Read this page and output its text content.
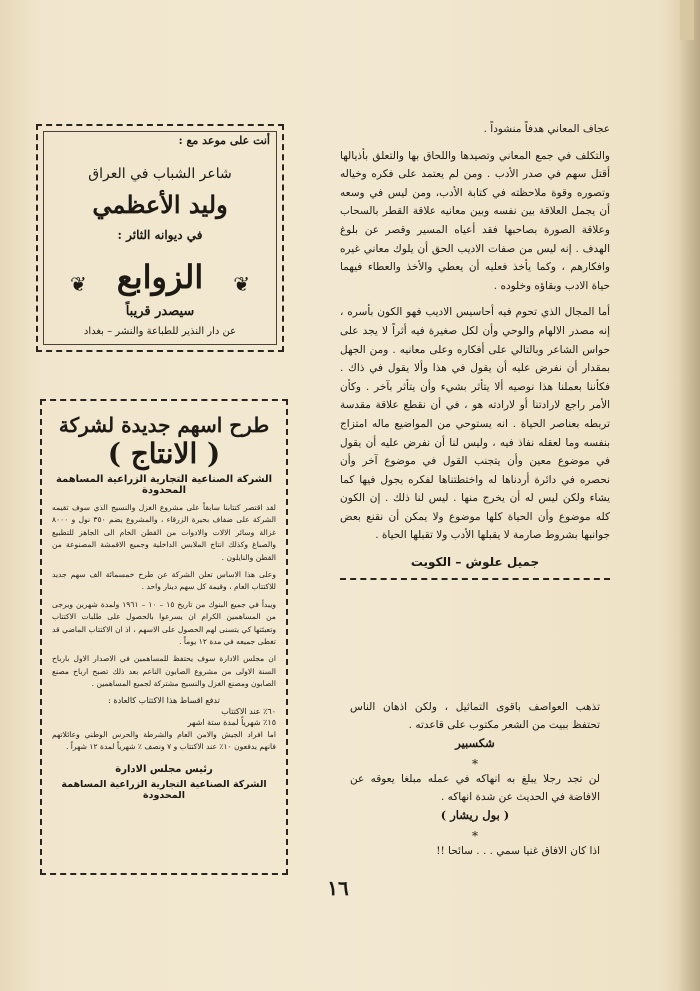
عجاف المعاني هدفاً منشوداً .

والتكلف في جمع المعاني وتصيدها واللحاق بها والتعلق بأذيالها أقتل سهم في صدر الأدب . ومن لم يعتمد على فكره وخياله وتصوره وقوة ملاحظته في كتابة الأدب، ومن ليس في وسعه أن يجمل العلاقة بين نفسه وبين معانيه علاقة القطر بالسحاب وعلاقة الصورة بصاحبها فقد أعياه المسير وقصر عن بلوغ الهدف . إنه ليس من صفات الاديب الحق أن يلوك معاني غيره وافكارهم ، وكما يأخذ فعليه أن يعطي والأخذ والعطاء فيهما حياة الادب وبقاؤه وخلوده .

أما المجال الذي تحوم فيه أحاسيس الاديب فهو الكون بأسره ، إنه مصدر الالهام والوحي وأن لكل صغيرة فيه أثراً لا يجد على حواس الشاعر وبالتالي على أفكاره وعلى معانيه . ومن الجهل بمقدار أن نفرض عليه أن يقول في هذا وألا يقول في ذاك . فكأننا بعملنا هذا نوصيه ألا يتأثر بشيء وأن يتأثر بآخر . وكأن الأمر راجع لارادتنا أو لارادته هو ، في أن نقطع علاقة مقدسة تربطه بعناصر الحياة . انه يستوحي من المواضيع ماله امتزاج بنفسه وما لعقله نفاذ فيه ، وليس لنا أن نفرض عليه أن يقول في موضوع معين وأن يتجنب القول في موضوع آخر وأن نحصره في دائرة أردناها له واختطتناها لفكره يجول فيها كما يشاء ولكن ليس له أن يخرج منها . ليس لنا ذلك . إن الكون كله موضوع وأن الحياة كلها موضوع ولا يمكن أن نقنع بعض جوانبها بشروط صارمة لا يقبلها الأدب ولا تقبلها الحياة .

جميل علوش – الكويت

تذهب العواصف باقوى التماثيل ، ولكن اذهان الناس تحتفظ ببيت من الشعر مكتوب على قاعدته .

شكسبير

*

لن تجد رجلا يبلغ به انهاكه في عمله مبلغا يعوقه عن الافاضة في الحديث عن شدة انهاكه .

( بول ريشار )

*

اذا كان الافاق غنيا سمي . . . سائحا !!

١٦
أنت على موعد مع :
شاعر الشباب في العراق
وليد الأعظمي
في ديوانه الثائر :
❦ الزوابع	❦
سيصدر قريباً
عن دار النذير للطباعة والنشر – بغداد
طرح اسهم جديدة لشركة
( الانتاج )
الشركة الصناعية التجارية الزراعية المساهمة المحدودة

لقد اقتصر كتتابنا سابقاً على مشروع الغزل والنسيج الذي سوف تقيمه الشركة على ضفاف بحيرة الزرقاء ، والمشروع يضم ٣٥٠ نول و ٨٠٠٠ غزالة وسائر الالات والادوات من القطن الخام الى الجاهز للتطبيع والصباغ وكذلك انتاج الملابس الداخلية وجميع الاقمشة المصنوعة من القطن والنايلون .

وعلى هذا الاساس تعلن الشركة عن طرح خمسمائة الف سهم جديد للاكتتاب العام ، وقيمة كل سهم دينار واحد .

ويبدأ في جميع البنوك من تاريخ ١٥ – ١٠ – ١٩٦١ ولمدة شهرين ويرجى من المساهمين الكرام ان يسرعوا بالحصول على طلبات الاكتتاب وتعبئتها كي يتسنى لهم الحصول على الاسهم ، اذ ان الاكتتاب الماضي قد تغطى جميعه في مدة ١٢ يوماً .

ان مجلس الادارة سوف يحتفظ للمساهمين في الاصدار الاول بارباح السنة الاولى من مشروع الصابون الناعم بعد ذلك تصبح ارباح مصنع الصابون ومصنع الغزل والنسيج مشتركة لجميع المساهمين .

تدفع اقساط هذا الاكتتاب كالعادة :
٦٠٪ عند الاكتتاب
١٥٪ شهرياً لمدة ستة اشهر

اما افراد الجيش والامن العام والشرطة والحرس الوطني وعائلاتهم فانهم يدفعون ١٠٪ عند الاكتتاب و ٧ ونصف ٪ شهرياً لمدة ١٢ شهراً .

رئيس مجلس الادارة
الشركة الصناعية التجارية الزراعية المساهمة المحدودة
